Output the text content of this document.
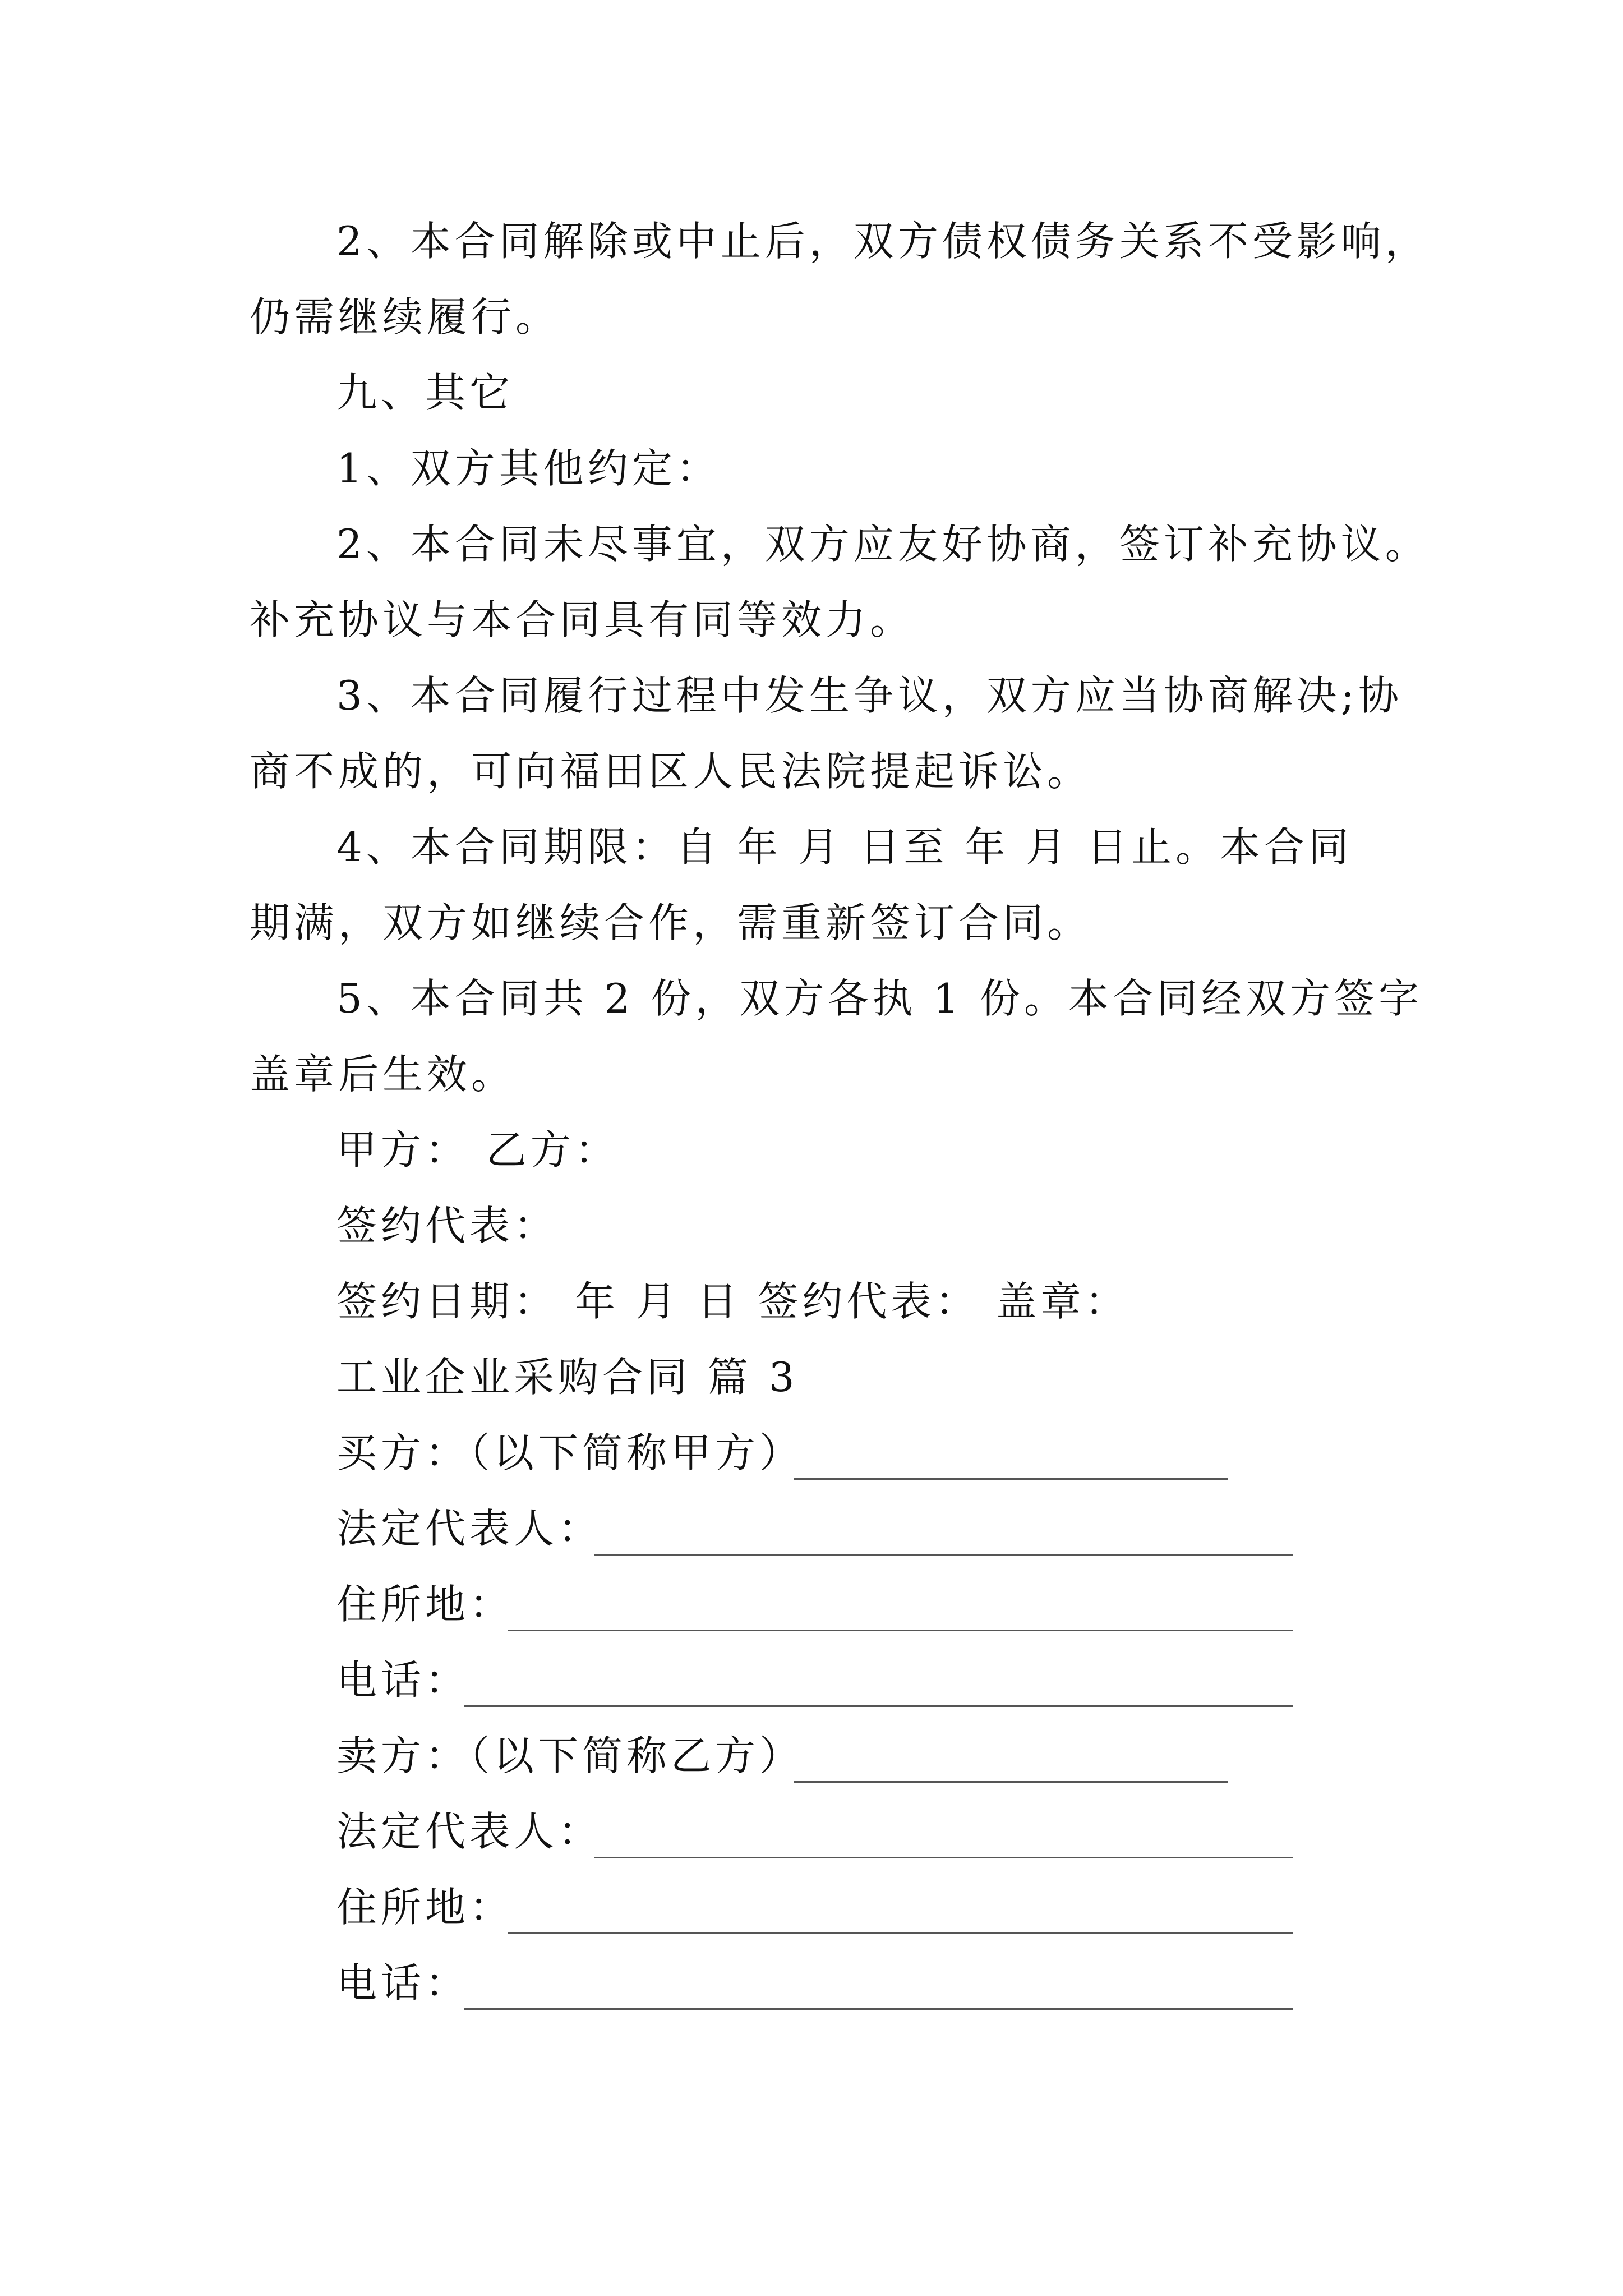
2、本合同解除或中止后，双方债权债务关系不受影响，
仍需继续履行。
九、其它
1、双方其他约定：
2、本合同未尽事宜，双方应友好协商，签订补充协议。
补充协议与本合同具有同等效力。
3、本合同履行过程中发生争议，双方应当协商解决;协
商不成的，可向福田区人民法院提起诉讼。
4、本合同期限：自 年 月 日至 年 月 日止。本合同
期满，双方如继续合作，需重新签订合同。
5、本合同共 2 份，双方各执 1 份。本合同经双方签字
盖章后生效。
甲方： 乙方：
签约代表：
签约日期： 年 月 日 签约代表： 盖章：
工业企业采购合同 篇 3
买方：（以下简称甲方）
法定代表人：
住所地：
电话：
卖方：（以下简称乙方）
法定代表人：
住所地：
电话：
